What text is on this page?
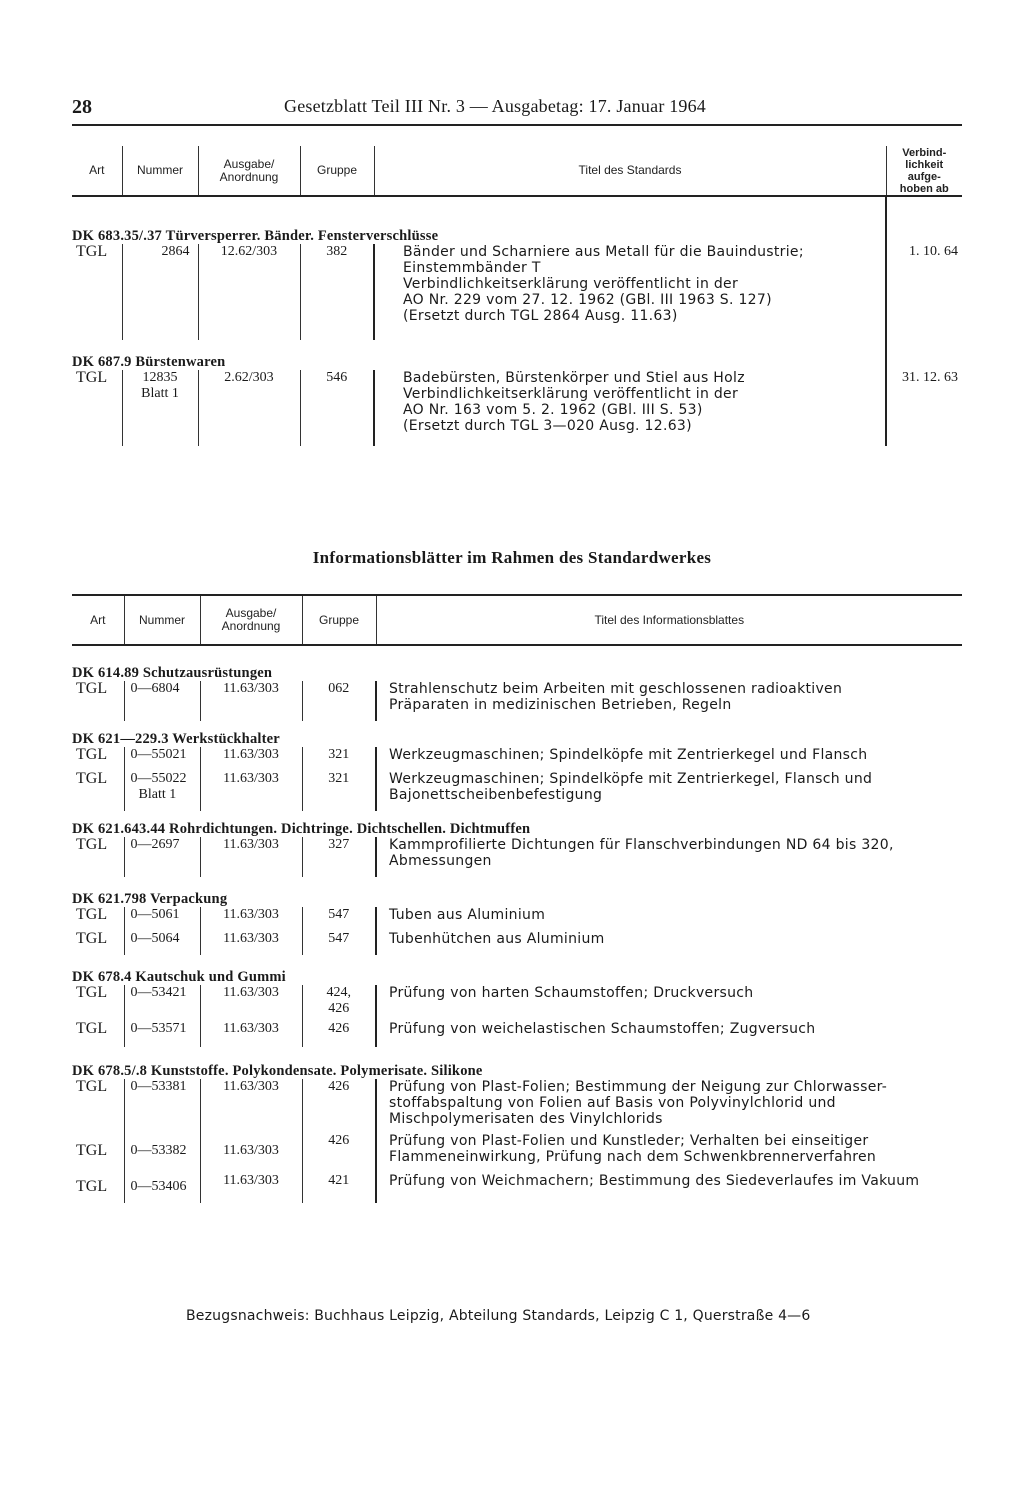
28	Gesetzblatt Teil III Nr. 3 — Ausgabetag: 17. Januar 1964
Art	Nummer	Ausgabe/
Anordnung	Gruppe	Titel des Standards	Verbind-
lichkeit
aufge-
hoben ab

DK 683.35/.37 Türversperrer. Bänder. Fensterverschlüsse					
TGL	2864	12.62/303	382	Bänder und Scharniere aus Metall für die Bauindustrie;
Einstemmbänder T
Verbindlichkeitserklärung veröffentlicht in der
AO Nr. 229 vom 27. 12. 1962 (GBl. III 1963 S. 127)
(Ersetzt durch TGL 2864 Ausg. 11.63)	1. 10. 64
DK 687.9 Bürstenwaren					
TGL	12835
Blatt 1	2.62/303	546	Badebürsten, Bürstenkörper und Stiel aus Holz
Verbindlichkeitserklärung veröffentlicht in der
AO Nr. 163 vom 5. 2. 1962 (GBl. III S. 53)
(Ersetzt durch TGL 3—020 Ausg. 12.63)	31. 12. 63
Informationsblätter im Rahmen des Standardwerkes
Art	Nummer	Ausgabe/
Anordnung	Gruppe	Titel des Informationsblattes

DK 614.89 Schutzausrüstungen				
TGL	0—6804	11.63/303	062	Strahlenschutz beim Arbeiten mit geschlossenen radioaktiven
Präparaten in medizinischen Betrieben, Regeln

DK 621—229.3 Werkstückhalter				
TGL	0—55021	11.63/303	321	Werkzeugmaschinen; Spindelköpfe mit Zentrierkegel und Flansch

TGL	0—55022
Blatt 1	11.63/303	321	Werkzeugmaschinen; Spindelköpfe mit Zentrierkegel, Flansch und
Bajonettscheibenbefestigung

DK 621.643.44 Rohrdichtungen. Dichtringe. Dichtschellen. Dichtmuffen				
TGL	0—2697	11.63/303	327	Kammprofilierte Dichtungen für Flanschverbindungen ND 64 bis 320,
Abmessungen

DK 621.798 Verpackung				
TGL	0—5061	11.63/303	547	Tuben aus Aluminium

TGL	0—5064	11.63/303	547	Tubenhütchen aus Aluminium

DK 678.4 Kautschuk und Gummi				
TGL	0—53421	11.63/303	424,
426	Prüfung von harten Schaumstoffen; Druckversuch

TGL	0—53571	11.63/303	426	Prüfung von weichelastischen Schaumstoffen; Zugversuch

DK 678.5/.8 Kunststoffe. Polykondensate. Polymerisate. Silikone				
TGL	0—53381	11.63/303	426	Prüfung von Plast-Folien; Bestimmung der Neigung zur Chlorwasser-
stoffabspaltung von Folien auf Basis von Polyvinylchlorid und
Mischpolymerisaten des Vinylchlorids

TGL	0—53382	11.63/303	426	Prüfung von Plast-Folien und Kunstleder; Verhalten bei einseitiger
Flammeneinwirkung, Prüfung nach dem Schwenkbrennerverfahren

TGL	0—53406	11.63/303	421	Prüfung von Weichmachern; Bestimmung des Siedeverlaufes im Vakuum
Bezugsnachweis: Buchhaus Leipzig, Abteilung Standards, Leipzig C 1, Querstraße 4—6
